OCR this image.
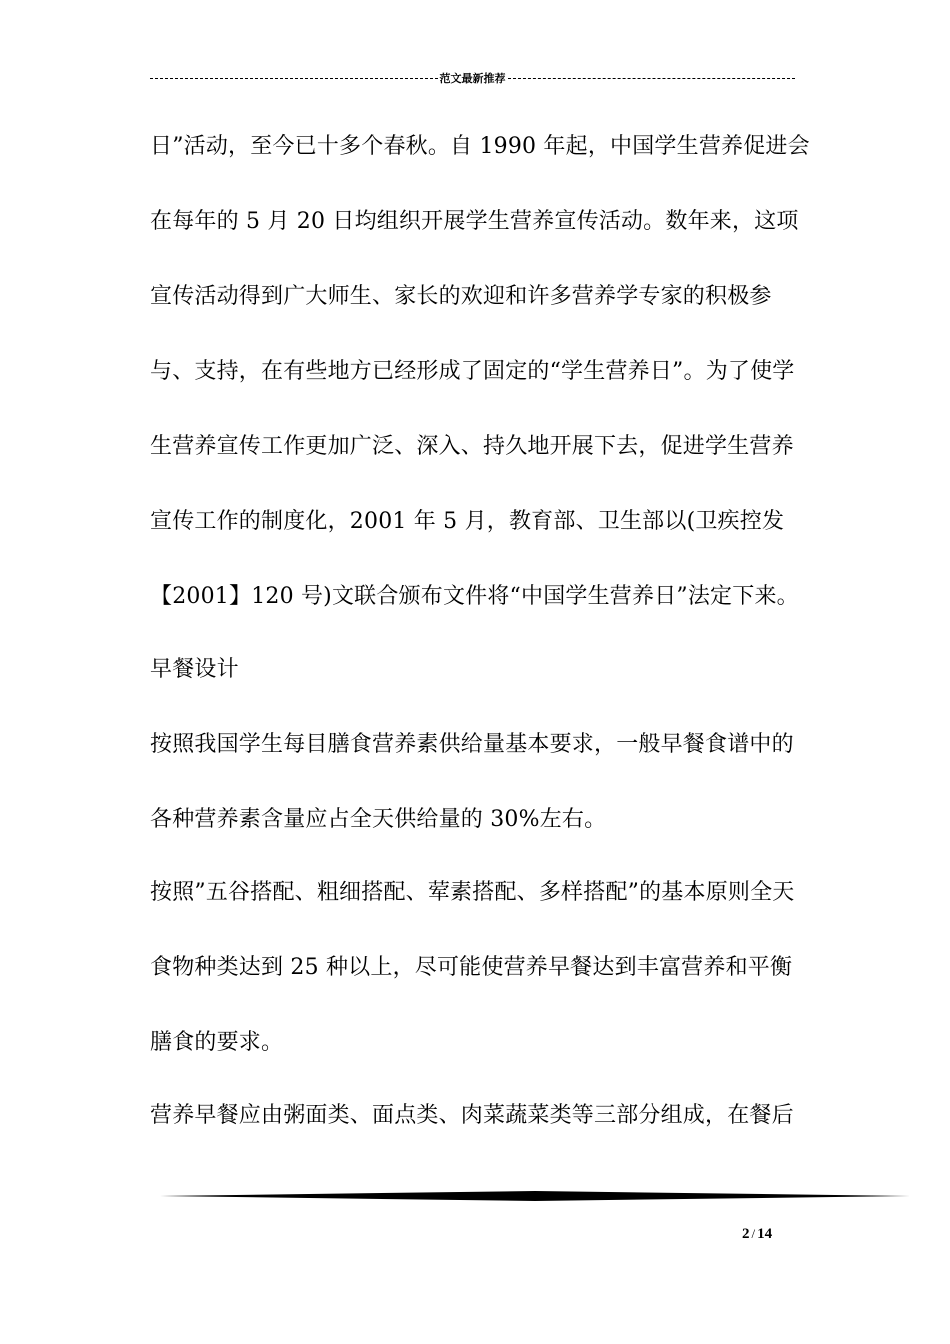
范文最新推荐
日”活动，至今已十多个春秋。自 1990 年起，中国学生营养促进会
在每年的 5 月 20 日均组织开展学生营养宣传活动。数年来，这项
宣传活动得到广大师生、家长的欢迎和许多营养学专家的积极参
与、支持，在有些地方已经形成了固定的“学生营养日”。为了使学
生营养宣传工作更加广泛、深入、持久地开展下去，促进学生营养
宣传工作的制度化，2001 年 5 月，教育部、卫生部以(卫疾控发
【2001】120 号)文联合颁布文件将“中国学生营养日”法定下来。
早餐设计
按照我国学生每目膳食营养素供给量基本要求，一般早餐食谱中的
各种营养素含量应占全天供给量的 30%左右。
按照”五谷搭配、粗细搭配、荤素搭配、多样搭配”的基本原则全天
食物种类达到 25 种以上，尽可能使营养早餐达到丰富营养和平衡
膳食的要求。
营养早餐应由粥面类、面点类、肉菜蔬菜类等三部分组成，在餐后
2 / 14
